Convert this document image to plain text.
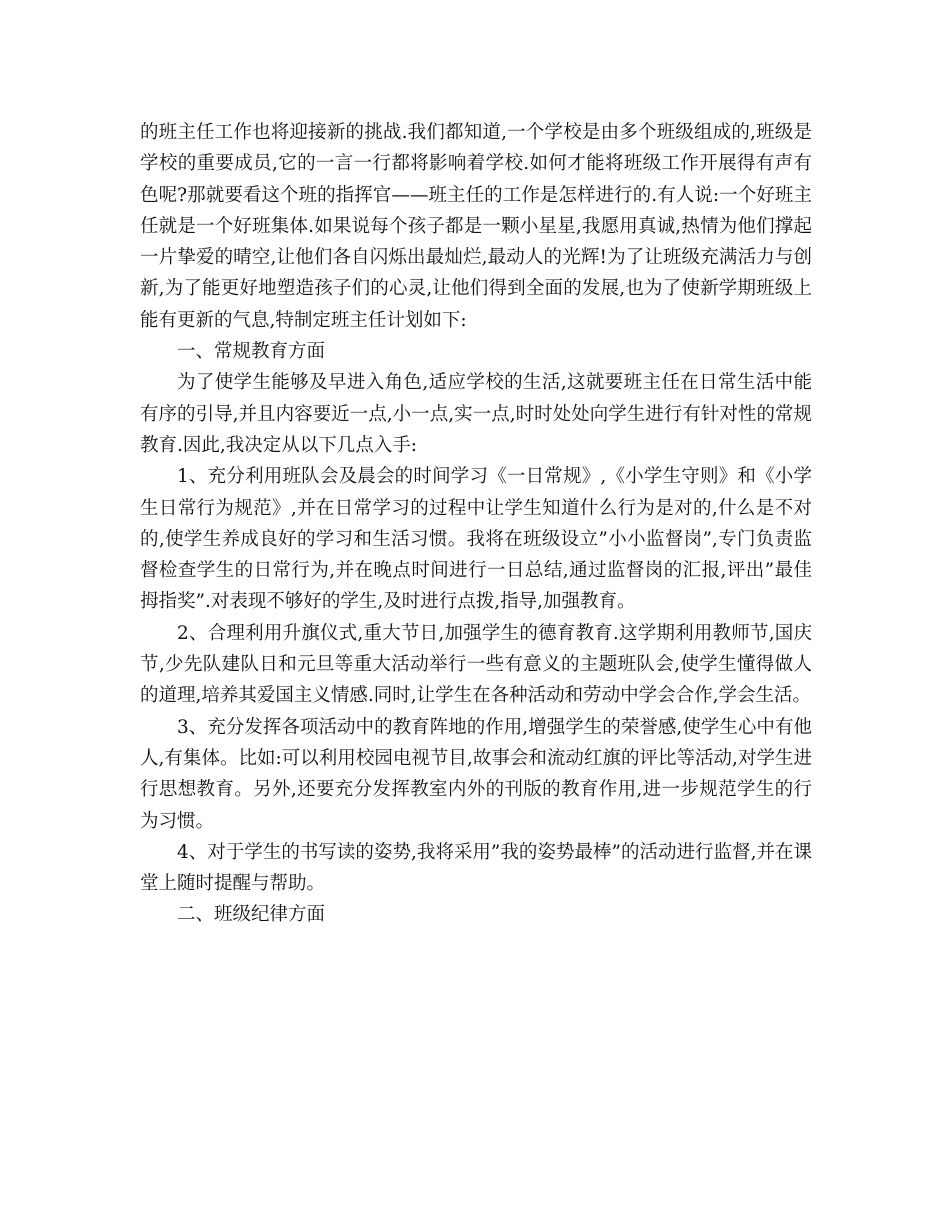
的班主任工作也将迎接新的挑战.我们都知道,一个学校是由多个班级组成的,班级是学校的重要成员,它的一言一行都将影响着学校.如何才能将班级工作开展得有声有色呢?那就要看这个班的指挥官——班主任的工作是怎样进行的.有人说:一个好班主任就是一个好班集体.如果说每个孩子都是一颗小星星,我愿用真诚,热情为他们撑起一片挚爱的晴空,让他们各自闪烁出最灿烂,最动人的光辉!为了让班级充满活力与创新,为了能更好地塑造孩子们的心灵,让他们得到全面的发展,也为了使新学期班级上能有更新的气息,特制定班主任计划如下:

一、常规教育方面

为了使学生能够及早进入角色,适应学校的生活,这就要班主任在日常生活中能有序的引导,并且内容要近一点,小一点,实一点,时时处处向学生进行有针对性的常规教育.因此,我决定从以下几点入手:

1、充分利用班队会及晨会的时间学习《一日常规》,《小学生守则》和《小学生日常行为规范》,并在日常学习的过程中让学生知道什么行为是对的,什么是不对的,使学生养成良好的学习和生活习惯。我将在班级设立”小小监督岗”,专门负责监督检查学生的日常行为,并在晚点时间进行一日总结,通过监督岗的汇报,评出”最佳拇指奖”.对表现不够好的学生,及时进行点拨,指导,加强教育。

2、合理利用升旗仪式,重大节日,加强学生的德育教育.这学期利用教师节,国庆节,少先队建队日和元旦等重大活动举行一些有意义的主题班队会,使学生懂得做人的道理,培养其爱国主义情感.同时,让学生在各种活动和劳动中学会合作,学会生活。

3、充分发挥各项活动中的教育阵地的作用,增强学生的荣誉感,使学生心中有他人,有集体。比如:可以利用校园电视节目,故事会和流动红旗的评比等活动,对学生进行思想教育。另外,还要充分发挥教室内外的刊版的教育作用,进一步规范学生的行为习惯。

4、对于学生的书写读的姿势,我将采用”我的姿势最棒”的活动进行监督,并在课堂上随时提醒与帮助。

二、班级纪律方面
